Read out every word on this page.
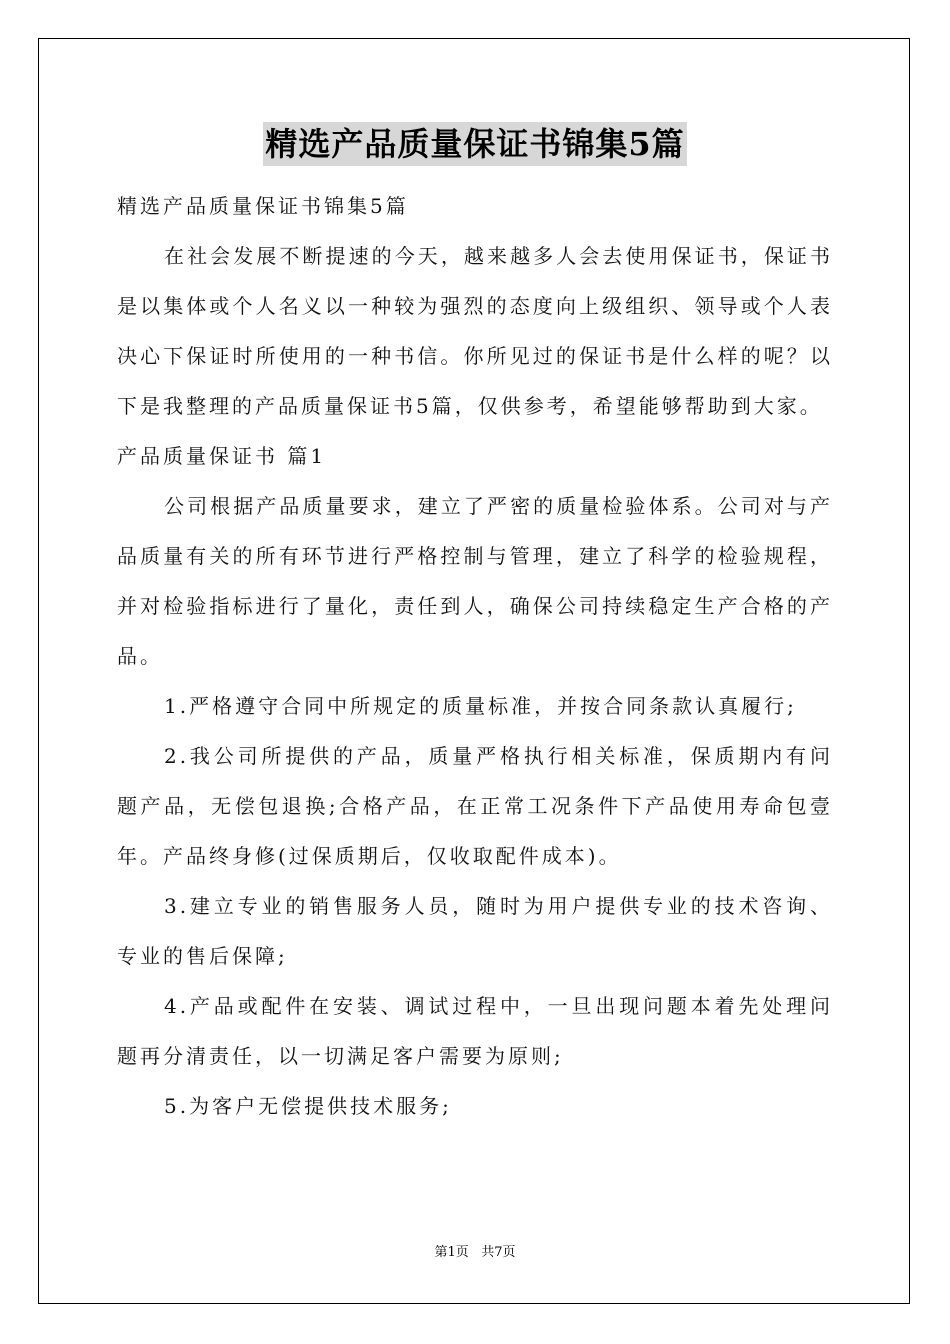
精选产品质量保证书锦集5篇

精选产品质量保证书锦集5篇

在社会发展不断提速的今天，越来越多人会去使用保证书，保证书是以集体或个人名义以一种较为强烈的态度向上级组织、领导或个人表决心下保证时所使用的一种书信。你所见过的保证书是什么样的呢？以下是我整理的产品质量保证书5篇，仅供参考，希望能够帮助到大家。

产品质量保证书 篇1

公司根据产品质量要求，建立了严密的质量检验体系。公司对与产品质量有关的所有环节进行严格控制与管理，建立了科学的检验规程，并对检验指标进行了量化，责任到人，确保公司持续稳定生产合格的产品。

1.严格遵守合同中所规定的质量标准，并按合同条款认真履行;

2.我公司所提供的产品，质量严格执行相关标准，保质期内有问题产品，无偿包退换;合格产品，在正常工况条件下产品使用寿命包壹年。产品终身修(过保质期后，仅收取配件成本)。

3.建立专业的销售服务人员，随时为用户提供专业的技术咨询、专业的售后保障;

4.产品或配件在安装、调试过程中，一旦出现问题本着先处理问题再分清责任，以一切满足客户需要为原则;

5.为客户无偿提供技术服务;

第1页 共7页
